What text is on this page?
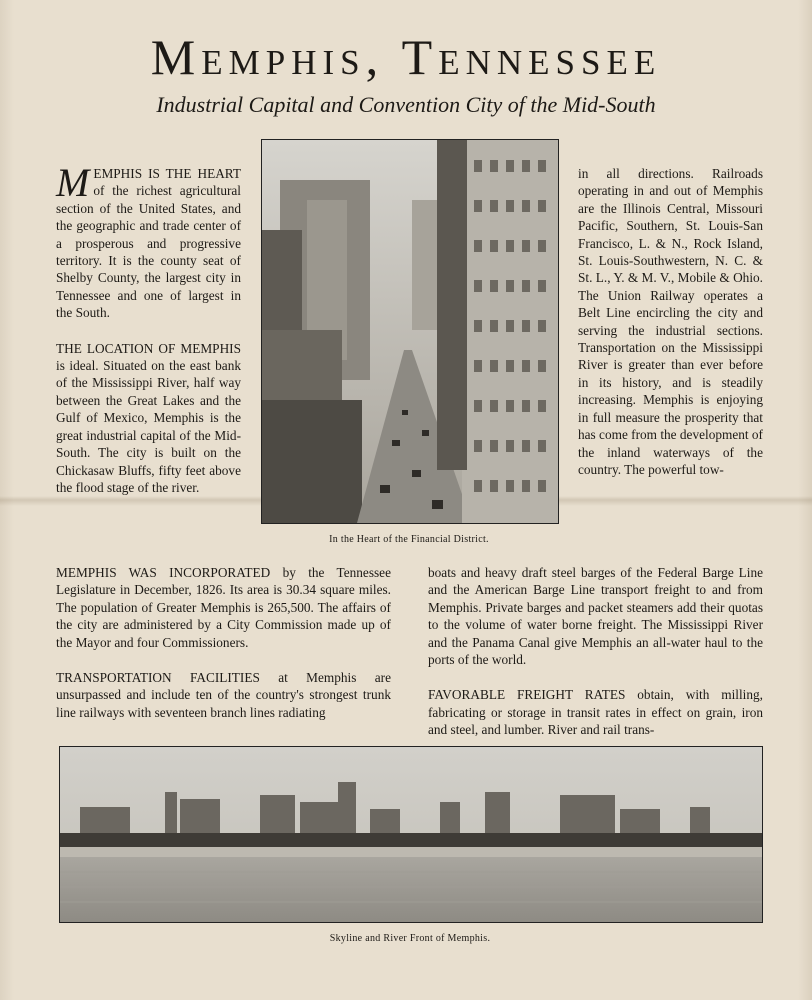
Memphis, Tennessee
Industrial Capital and Convention City of the Mid-South

MEMPHIS IS THE HEART of the richest agricultural section of the United States, and the geographic and trade center of a prosperous and progressive territory. It is the county seat of Shelby County, the largest city in Tennessee and one of largest in the South.

THE LOCATION OF MEMPHIS is ideal. Situated on the east bank of the Mississippi River, half way between the Great Lakes and the Gulf of Mexico, Memphis is the great industrial capital of the Mid-South. The city is built on the Chickasaw Bluffs, fifty feet above the flood stage of the river.

In the Heart of the Financial District.

in all directions. Railroads operating in and out of Memphis are the Illinois Central, Missouri Pacific, Southern, St. Louis-San Francisco, L. & N., Rock Island, St. Louis-Southwestern, N. C. & St. L., Y. & M. V., Mobile & Ohio. The Union Railway operates a Belt Line encircling the city and serving the industrial sections. Transportation on the Mississippi River is greater than ever before in its history, and is steadily increasing. Memphis is enjoying in full measure the prosperity that has come from the development of the inland waterways of the country. The powerful tow-

MEMPHIS WAS INCORPORATED by the Tennessee Legislature in December, 1826. Its area is 30.34 square miles. The population of Greater Memphis is 265,500. The affairs of the city are administered by a City Commission made up of the Mayor and four Commissioners.

TRANSPORTATION FACILITIES at Memphis are unsurpassed and include ten of the country's strongest trunk line railways with seventeen branch lines radiating

boats and heavy draft steel barges of the Federal Barge Line and the American Barge Line transport freight to and from Memphis. Private barges and packet steamers add their quotas to the volume of water borne freight. The Mississippi River and the Panama Canal give Memphis an all-water haul to the ports of the world.

FAVORABLE FREIGHT RATES obtain, with milling, fabricating or storage in transit rates in effect on grain, iron and steel, and lumber. River and rail trans-

Skyline and River Front of Memphis.
